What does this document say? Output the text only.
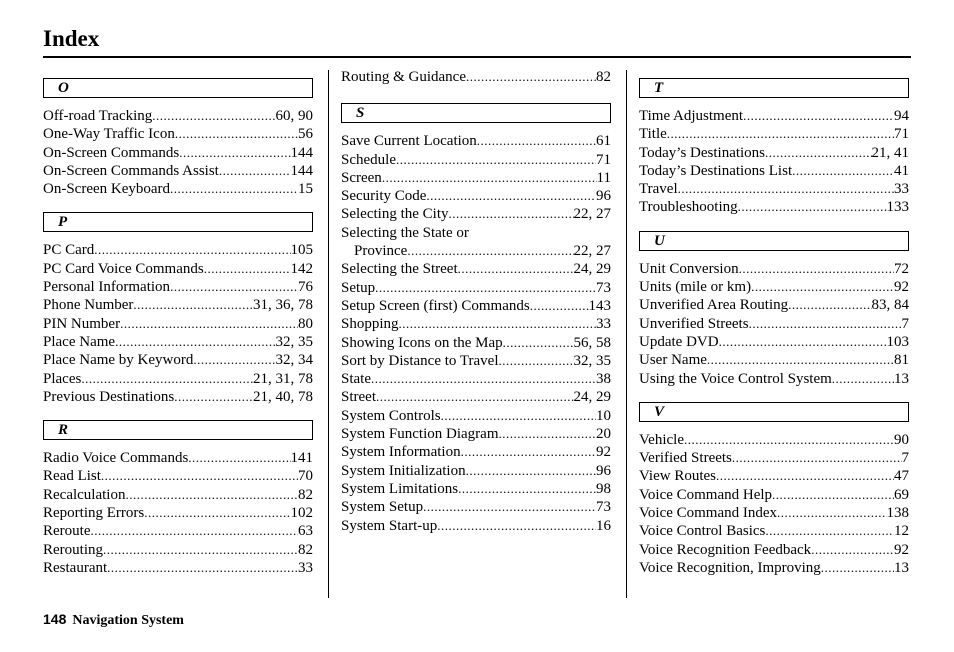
Index
O
Off-road Tracking .....	60, 90
One-Way Traffic Icon .....	56
On-Screen Commands .....	144
On-Screen Commands Assist .....	144
On-Screen Keyboard .....	15
P
PC Card .....	105
PC Card Voice Commands .....	142
Personal Information .....	76
Phone Number .....	31, 36, 78
PIN Number .....	80
Place Name .....	32, 35
Place Name by Keyword .....	32, 34
Places .....	21, 31, 78
Previous Destinations .....	21, 40, 78
R
Radio Voice Commands .....	141
Read List .....	70
Recalculation .....	82
Reporting Errors .....	102
Reroute .....	63
Rerouting .....	82
Restaurant .....	33
Routing & Guidance .....	82
S
Save Current Location .....	61
Schedule .....	71
Screen .....	11
Security Code .....	96
Selecting the City .....	22, 27
Selecting the State or
Province .....	22, 27
Selecting the Street .....	24, 29
Setup .....	73
Setup Screen (first) Commands .....	143
Shopping .....	33
Showing Icons on the Map .....	56, 58
Sort by Distance to Travel .....	32, 35
State .....	38
Street .....	24, 29
System Controls .....	10
System Function Diagram .....	20
System Information .....	92
System Initialization .....	96
System Limitations .....	98
System Setup .....	73
System Start-up .....	16
T
Time Adjustment .....	94
Title .....	71
Today’s Destinations .....	21, 41
Today’s Destinations List .....	41
Travel .....	33
Troubleshooting .....	133
U
Unit Conversion .....	72
Units (mile or km) .....	92
Unverified Area Routing .....	83, 84
Unverified Streets .....	7
Update DVD .....	103
User Name .....	81
Using the Voice Control System .....	13
V
Vehicle .....	90
Verified Streets .....	7
View Routes .....	47
Voice Command Help .....	69
Voice Command Index .....	138
Voice Control Basics .....	12
Voice Recognition Feedback .....	92
Voice Recognition, Improving .....	13
148 Navigation System
